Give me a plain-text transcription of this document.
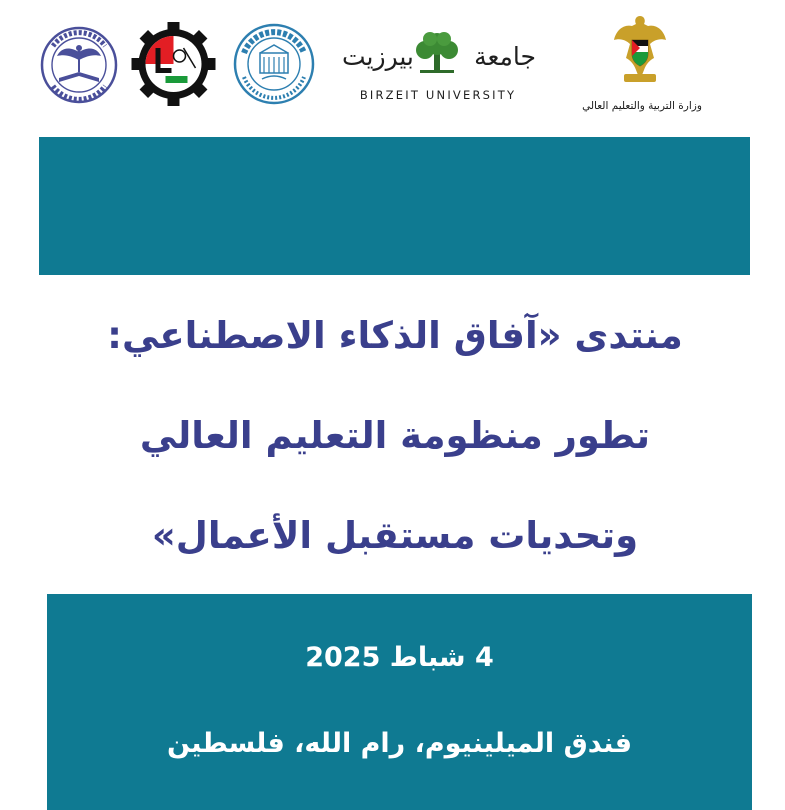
بيرزيت جامعة
BIRZEIT UNIVERSITY
وزارة التربية والتعليم العالي
منتدى «آفاق الذكاء الاصطناعي:
تطور منظومة التعليم العالي
وتحديات مستقبل الأعمال»
4 شباط 2025
فندق الميلينيوم، رام الله، فلسطين
